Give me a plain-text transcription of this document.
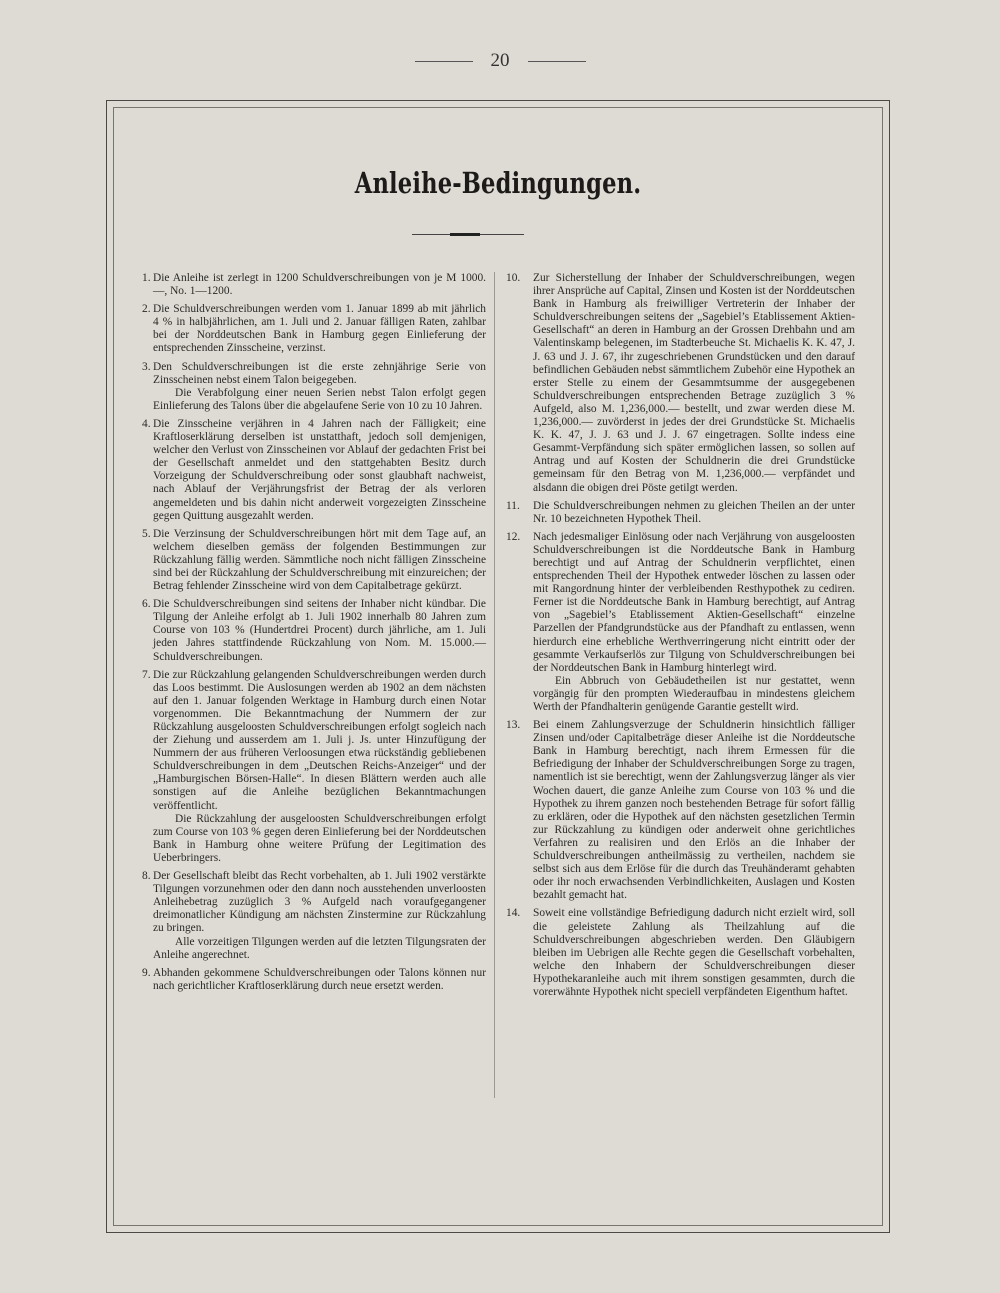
20
Anleihe-Bedingungen.
1. Die Anleihe ist zerlegt in 1200 Schuldverschreibungen von je M 1000.—, No. 1—1200.

2. Die Schuldverschreibungen werden vom 1. Januar 1899 ab mit jährlich 4 % in halbjährlichen, am 1. Juli und 2. Januar fälligen Raten, zahlbar bei der Norddeutschen Bank in Hamburg gegen Einlieferung der entsprechenden Zinsscheine, verzinst.

3. Den Schuldverschreibungen ist die erste zehnjährige Serie von Zinsscheinen nebst einem Talon beigegeben.

Die Verabfolgung einer neuen Serien nebst Talon erfolgt gegen Einlieferung des Talons über die abgelaufene Serie von 10 zu 10 Jahren.

4. Die Zinsscheine verjähren in 4 Jahren nach der Fälligkeit; eine Kraftloserklärung derselben ist unstatthaft, jedoch soll demjenigen, welcher den Verlust von Zinsscheinen vor Ablauf der gedachten Frist bei der Gesellschaft anmeldet und den stattgehabten Besitz durch Vorzeigung der Schuldverschreibung oder sonst glaubhaft nachweist, nach Ablauf der Verjährungsfrist der Betrag der als verloren angemeldeten und bis dahin nicht anderweit vorgezeigten Zinsscheine gegen Quittung ausgezahlt werden.

5. Die Verzinsung der Schuldverschreibungen hört mit dem Tage auf, an welchem dieselben gemäss der folgenden Bestimmungen zur Rückzahlung fällig werden. Sämmtliche noch nicht fälligen Zinsscheine sind bei der Rückzahlung der Schuldverschreibung mit einzureichen; der Betrag fehlender Zinsscheine wird von dem Capitalbetrage gekürzt.

6. Die Schuldverschreibungen sind seitens der Inhaber nicht kündbar. Die Tilgung der Anleihe erfolgt ab 1. Juli 1902 innerhalb 80 Jahren zum Course von 103 % (Hundertdrei Procent) durch jährliche, am 1. Juli jeden Jahres stattfindende Rückzahlung von Nom. M. 15.000.— Schuldverschreibungen.

7. Die zur Rückzahlung gelangenden Schuldverschreibungen werden durch das Loos bestimmt. Die Auslosungen werden ab 1902 an dem nächsten auf den 1. Januar folgenden Werktage in Hamburg durch einen Notar vorgenommen. Die Bekanntmachung der Nummern der zur Rückzahlung ausgeloosten Schuldverschreibungen erfolgt sogleich nach der Ziehung und ausserdem am 1. Juli j. Js. unter Hinzufügung der Nummern der aus früheren Verloosungen etwa rückständig gebliebenen Schuldverschreibungen in dem „Deutschen Reichs-Anzeiger“ und der „Hamburgischen Börsen-Halle“. In diesen Blättern werden auch alle sonstigen auf die Anleihe bezüglichen Bekanntmachungen veröffentlicht.

Die Rückzahlung der ausgeloosten Schuldverschreibungen erfolgt zum Course von 103 % gegen deren Einlieferung bei der Norddeutschen Bank in Hamburg ohne weitere Prüfung der Legitimation des Ueberbringers.

8. Der Gesellschaft bleibt das Recht vorbehalten, ab 1. Juli 1902 verstärkte Tilgungen vorzunehmen oder den dann noch ausstehenden unverloosten Anleihebetrag zuzüglich 3 % Aufgeld nach voraufgegangener dreimonatlicher Kündigung am nächsten Zinstermine zur Rückzahlung zu bringen.

Alle vorzeitigen Tilgungen werden auf die letzten Tilgungsraten der Anleihe angerechnet.

9. Abhanden gekommene Schuldverschreibungen oder Talons können nur nach gerichtlicher Kraftloserklärung durch neue ersetzt werden.

10.	Zur Sicherstellung der Inhaber der Schuldverschreibungen, wegen ihrer Ansprüche auf Capital, Zinsen und Kosten ist der Norddeutschen Bank in Hamburg als freiwilliger Vertreterin der Inhaber der Schuldverschreibungen seitens der „Sagebiel’s Etablissement Aktien-Gesellschaft“ an deren in Hamburg an der Grossen Drehbahn und am Valentinskamp belegenen, im Stadterbeuche St. Michaelis K. K. 47, J. J. 63 und J. J. 67, ihr zugeschriebenen Grundstücken und den darauf befindlichen Gebäuden nebst sämmtlichem Zubehör eine Hypothek an erster Stelle zu einem der Gesammtsumme der ausgegebenen Schuldverschreibungen entsprechenden Betrage zuzüglich 3 % Aufgeld, also M. 1,236,000.— bestellt, und zwar werden diese M. 1,236,000.— zuvörderst in jedes der drei Grundstücke St. Michaelis K. K. 47, J. J. 63 und J. J. 67 eingetragen. Sollte indess eine Gesammt-Verpfändung sich später ermöglichen lassen, so sollen auf Antrag und auf Kosten der Schuldnerin die drei Grundstücke gemeinsam für den Betrag von M. 1,236,000.— verpfändet und alsdann die obigen drei Pöste getilgt werden.

11.	Die Schuldverschreibungen nehmen zu gleichen Theilen an der unter Nr. 10 bezeichneten Hypothek Theil.

12.	Nach jedesmaliger Einlösung oder nach Verjährung von ausgeloosten Schuldverschreibungen ist die Norddeutsche Bank in Hamburg berechtigt und auf Antrag der Schuldnerin verpflichtet, einen entsprechenden Theil der Hypothek entweder löschen zu lassen oder mit Rangordnung hinter der verbleibenden Resthypothek zu cediren. Ferner ist die Norddeutsche Bank in Hamburg berechtigt, auf Antrag von „Sagebiel’s Etablissement Aktien-Gesellschaft“ einzelne Parzellen der Pfandgrundstücke aus der Pfandhaft zu entlassen, wenn hierdurch eine erhebliche Werthverringerung nicht eintritt oder der gesammte Verkaufserlös zur Tilgung von Schuldverschreibungen bei der Norddeutschen Bank in Hamburg hinterlegt wird.

Ein Abbruch von Gebäudetheilen ist nur gestattet, wenn vorgängig für den prompten Wiederaufbau in mindestens gleichem Werth der Pfandhalterin genügende Garantie gestellt wird.

13.	Bei einem Zahlungsverzuge der Schuldnerin hinsichtlich fälliger Zinsen und/oder Capitalbeträge dieser Anleihe ist die Norddeutsche Bank in Hamburg berechtigt, nach ihrem Ermessen für die Befriedigung der Inhaber der Schuldverschreibungen Sorge zu tragen, namentlich ist sie berechtigt, wenn der Zahlungsverzug länger als vier Wochen dauert, die ganze Anleihe zum Course von 103 % und die Hypothek zu ihrem ganzen noch bestehenden Betrage für sofort fällig zu erklären, oder die Hypothek auf den nächsten gesetzlichen Termin zur Rückzahlung zu kündigen oder anderweit ohne gerichtliches Verfahren zu realisiren und den Erlös an die Inhaber der Schuldverschreibungen antheilmässig zu vertheilen, nachdem sie selbst sich aus dem Erlöse für die durch das Treuhänderamt gehabten oder ihr noch erwachsenden Verbindlichkeiten, Auslagen und Kosten bezahlt gemacht hat.

14.	Soweit eine vollständige Befriedigung dadurch nicht erzielt wird, soll die geleistete Zahlung als Theilzahlung auf die Schuldverschreibungen abgeschrieben werden. Den Gläubigern bleiben im Uebrigen alle Rechte gegen die Gesellschaft vorbehalten, welche den Inhabern der Schuldverschreibungen dieser Hypothekaranleihe auch mit ihrem sonstigen gesammten, durch die vorerwähnte Hypothek nicht speciell verpfändeten Eigenthum haftet.
